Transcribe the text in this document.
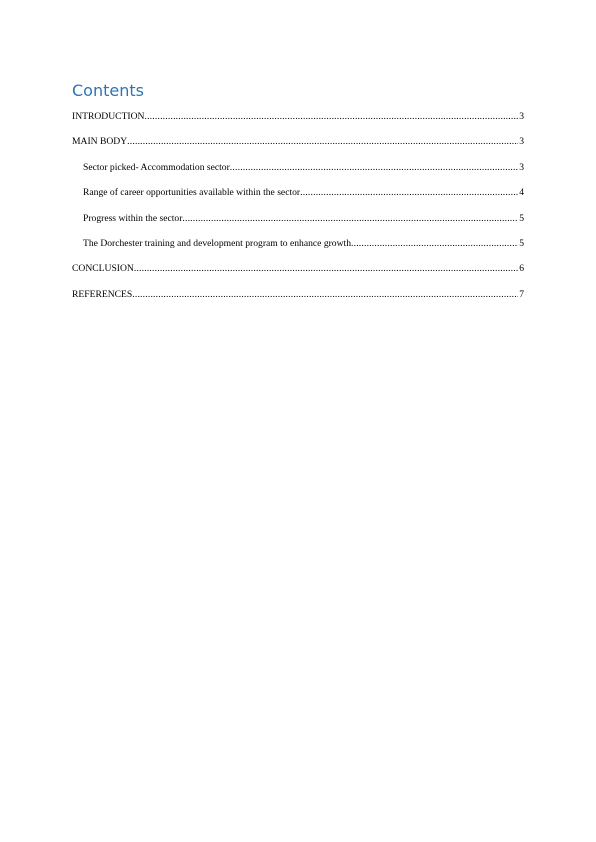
Contents
INTRODUCTION .....	3
MAIN BODY .....	3
Sector picked- Accommodation sector .....	3
Range of career opportunities available within the sector .....	4
Progress within the sector .....	5
The Dorchester training and development program to enhance growth .....	5
CONCLUSION .....	6
REFERENCES .....	7
